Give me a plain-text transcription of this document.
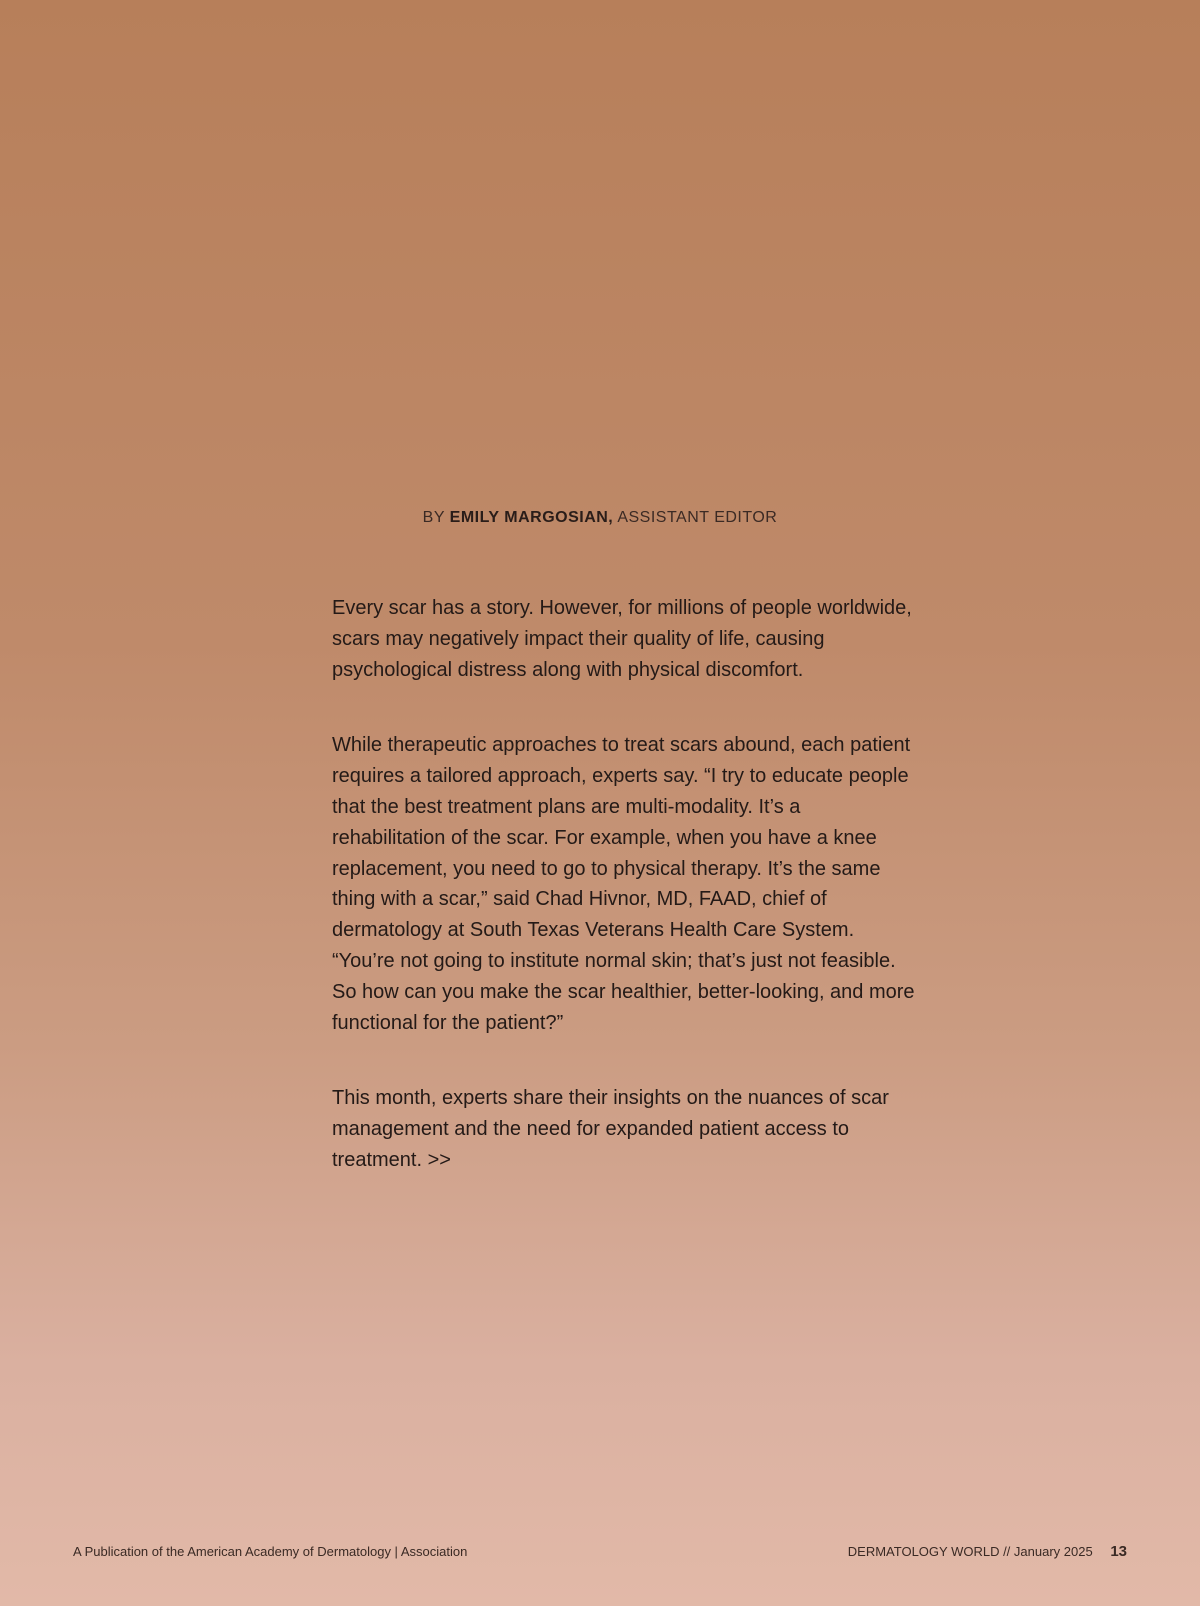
BY EMILY MARGOSIAN, ASSISTANT EDITOR

Every scar has a story. However, for millions of people worldwide, scars may negatively impact their quality of life, causing psychological distress along with physical discomfort.

While therapeutic approaches to treat scars abound, each patient requires a tailored approach, experts say. “I try to educate people that the best treatment plans are multi-modality. It’s a rehabilitation of the scar. For example, when you have a knee replacement, you need to go to physical therapy. It’s the same thing with a scar,” said Chad Hivnor, MD, FAAD, chief of dermatology at South Texas Veterans Health Care System. “You’re not going to institute normal skin; that’s just not feasible. So how can you make the scar healthier, better-looking, and more functional for the patient?”

This month, experts share their insights on the nuances of scar management and the need for expanded patient access to treatment. >>

A Publication of the American Academy of Dermatology | Association	DERMATOLOGY WORLD // January 2025 13
